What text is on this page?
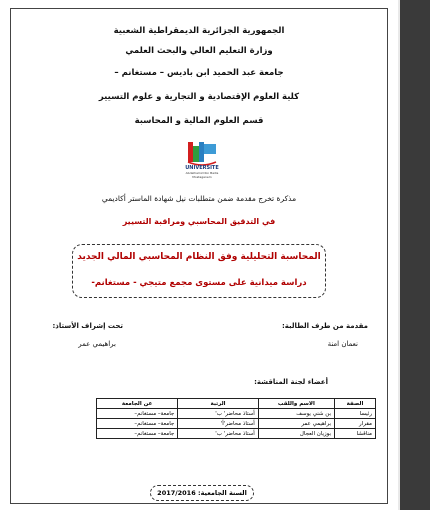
الجمهورية الجزائرية الديمقراطية الشعبية
وزارة التعليم العالي والبحث العلمي
جامعة عبد الحميد ابن باديس – مستغانم –
كلية العلوم الإقتصادية و التجارية و علوم التسيير
قسم العلوم المالية و المحاسبة
UNIVERSITE
Abdelhamid Ibn Badis
Mostaganem
مذكرة تخرج مقدمة ضمن متطلبات نيل شهادة الماستر أكاديمي
في التدقيق المحاسبي ومراقبة التسيير
المحاسبة التحليلية وفق النظام المحاسبي المالي الجديد
دراسة ميدانية على مستوى مجمع متيجي - مستغانم-
مقدمة من طرف الطالبة:
نعمان امنة
تحت إشراف الأستاذ:
براهيمي عمر
أعضاء لجنة المناقشة:
الصفة	الاسم واللقب	الرتبة	عن الجامعة
رئيسا	بن شني يوسف	أستاذ محاضر' ب'	جامعة– مستغانم–
مقرار	براهيمي عمر	أستاذ محاضر'أ'	جامعة– مستغانم–
مناقشا	بوزيان العجال	أستاذ محاضر' ب'	جامعة– مستغانم–
السنة الجامعية: 2017/2016
